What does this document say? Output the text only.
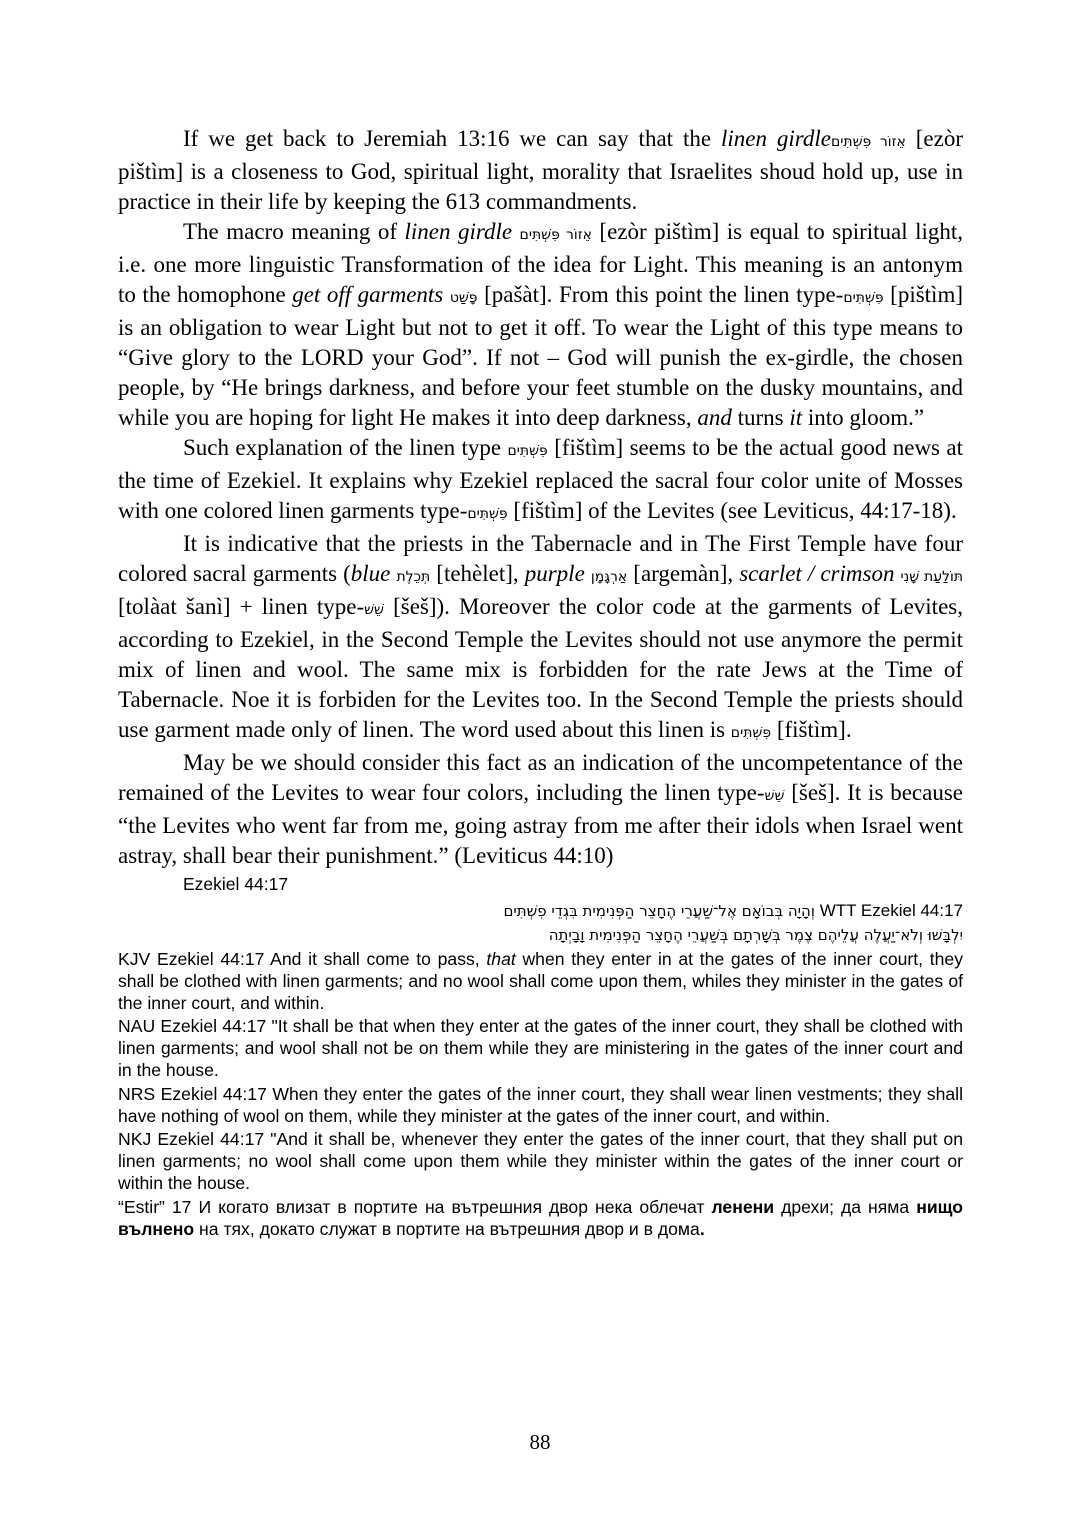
If we get back to Jeremiah 13:16 we can say that the linen girdleאֵזוֹר פִּשְׁתִּים [ezòr pištìm] is a closeness to God, spiritual light, morality that Israelites shoud hold up, use in practice in their life by keeping the 613 commandments.

The macro meaning of linen girdle אֵזוֹר פִּשְׁתִּים [ezòr pištìm] is equal to spiritual light, i.e. one more linguistic Transformation of the idea for Light. This meaning is an antonym to the homophone get off garments פָּשַׁט [pašàt]. From this point the linen type-פִּשְׁתִּים [pištìm] is an obligation to wear Light but not to get it off. To wear the Light of this type means to “Give glory to the LORD your God”. If not – God will punish the ex-girdle, the chosen people, by “He brings darkness, and before your feet stumble on the dusky mountains, and while you are hoping for light He makes it into deep darkness, and turns it into gloom.”

Such explanation of the linen type פִּשְׁתִּים [fištìm] seems to be the actual good news at the time of Ezekiel. It explains why Ezekiel replaced the sacral four color unite of Mosses with one colored linen garments type-פִּשְׁתִּים [fištìm] of the Levites (see Leviticus, 44:17-18).

It is indicative that the priests in the Tabernacle and in The First Temple have four colored sacral garments (blue תְּכֵלֶת [tehèlet], purple אַרְגָּמָן [argemàn], scarlet / crimson תּוֹלַעַת שָׁנִי [tolàat šanì] + linen type-שֵׁשׁ [šeš]). Moreover the color code at the garments of Levites, according to Ezekiel, in the Second Temple the Levites should not use anymore the permit mix of linen and wool. The same mix is forbidden for the rate Jews at the Time of Tabernacle. Noe it is forbiden for the Levites too. In the Second Temple the priests should use garment made only of linen. The word used about this linen is פִּשְׁתִּים [fištìm].

May be we should consider this fact as an indication of the uncompetentance of the remained of the Levites to wear four colors, including the linen type-שֵׁשׁ [šeš]. It is because “the Levites who went far from me, going astray from me after their idols when Israel went astray, shall bear their punishment.” (Leviticus 44:10)

Ezekiel 44:17

WTT Ezekiel 44:17 וְהָיָה בְּבוֹאָם אֶל־שַׁעֲרֵי הֶחָצֵר הַפְּנִימִית בִּגְדֵי פִשְׁתִּים

יִלְבָּשׁוּ וְלֹא־יַעֲלֶה עֲלֵיהֶם צֶמֶר בְּשָׁרְתָם בְּשַׁעֲרֵי הֶחָצֵר הַפְּנִימִית וָבָיְתָה

KJV Ezekiel 44:17 And it shall come to pass, that when they enter in at the gates of the inner court, they shall be clothed with linen garments; and no wool shall come upon them, whiles they minister in the gates of the inner court, and within.

NAU Ezekiel 44:17 "It shall be that when they enter at the gates of the inner court, they shall be clothed with linen garments; and wool shall not be on them while they are ministering in the gates of the inner court and in the house.

NRS Ezekiel 44:17 When they enter the gates of the inner court, they shall wear linen vestments; they shall have nothing of wool on them, while they minister at the gates of the inner court, and within.

NKJ Ezekiel 44:17 "And it shall be, whenever they enter the gates of the inner court, that they shall put on linen garments; no wool shall come upon them while they minister within the gates of the inner court or within the house.

“Estir” 17 И когато влизат в портите на вътрешния двор нека облечат ленени дрехи; да няма нищо вълнено на тях, докато служат в портите на вътрешния двор и в дома.

88
